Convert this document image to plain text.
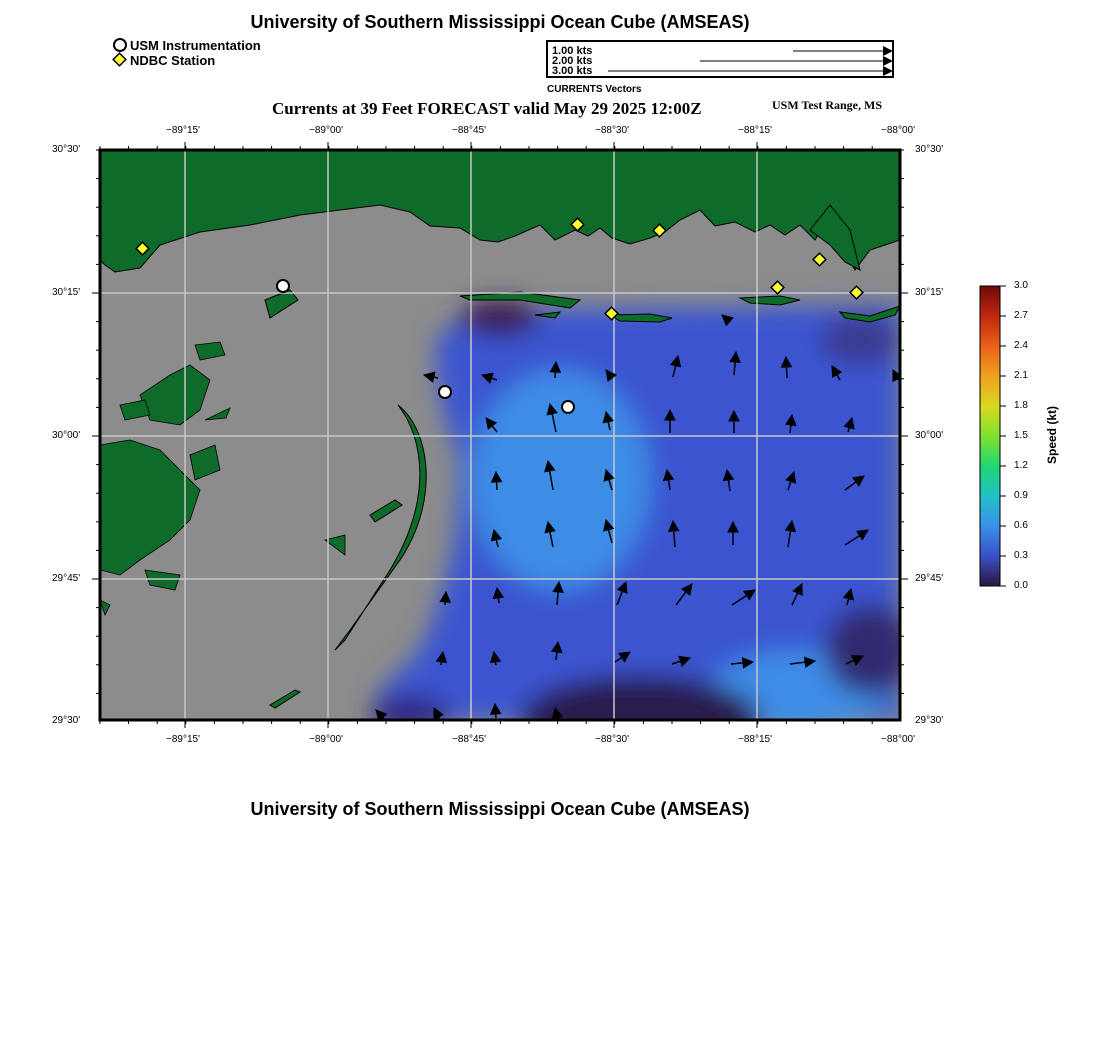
University of Southern Mississippi Ocean Cube (AMSEAS)
USM Instrumentation
NDBC Station
1.00 kts
2.00 kts
3.00 kts
CURRENTS Vectors
Currents at 39 Feet FORECAST valid May 29 2025 12:00Z	USM Test Range, MS
−89°15'	−89°00'	−88°45'	−88°30'	−88°15'	−88°00'
−89°15'	−89°00'	−88°45'	−88°30'	−88°15'	−88°00'
30°30'
30°15'
30°00'
29°45'
29°30'
30°30'
30°15'
30°00'
29°45'
29°30'
3.0
2.7
2.4
2.1
1.8
1.5
1.2
0.9
0.6
0.3
0.0
Speed (kt)
University of Southern Mississippi Ocean Cube (AMSEAS)
